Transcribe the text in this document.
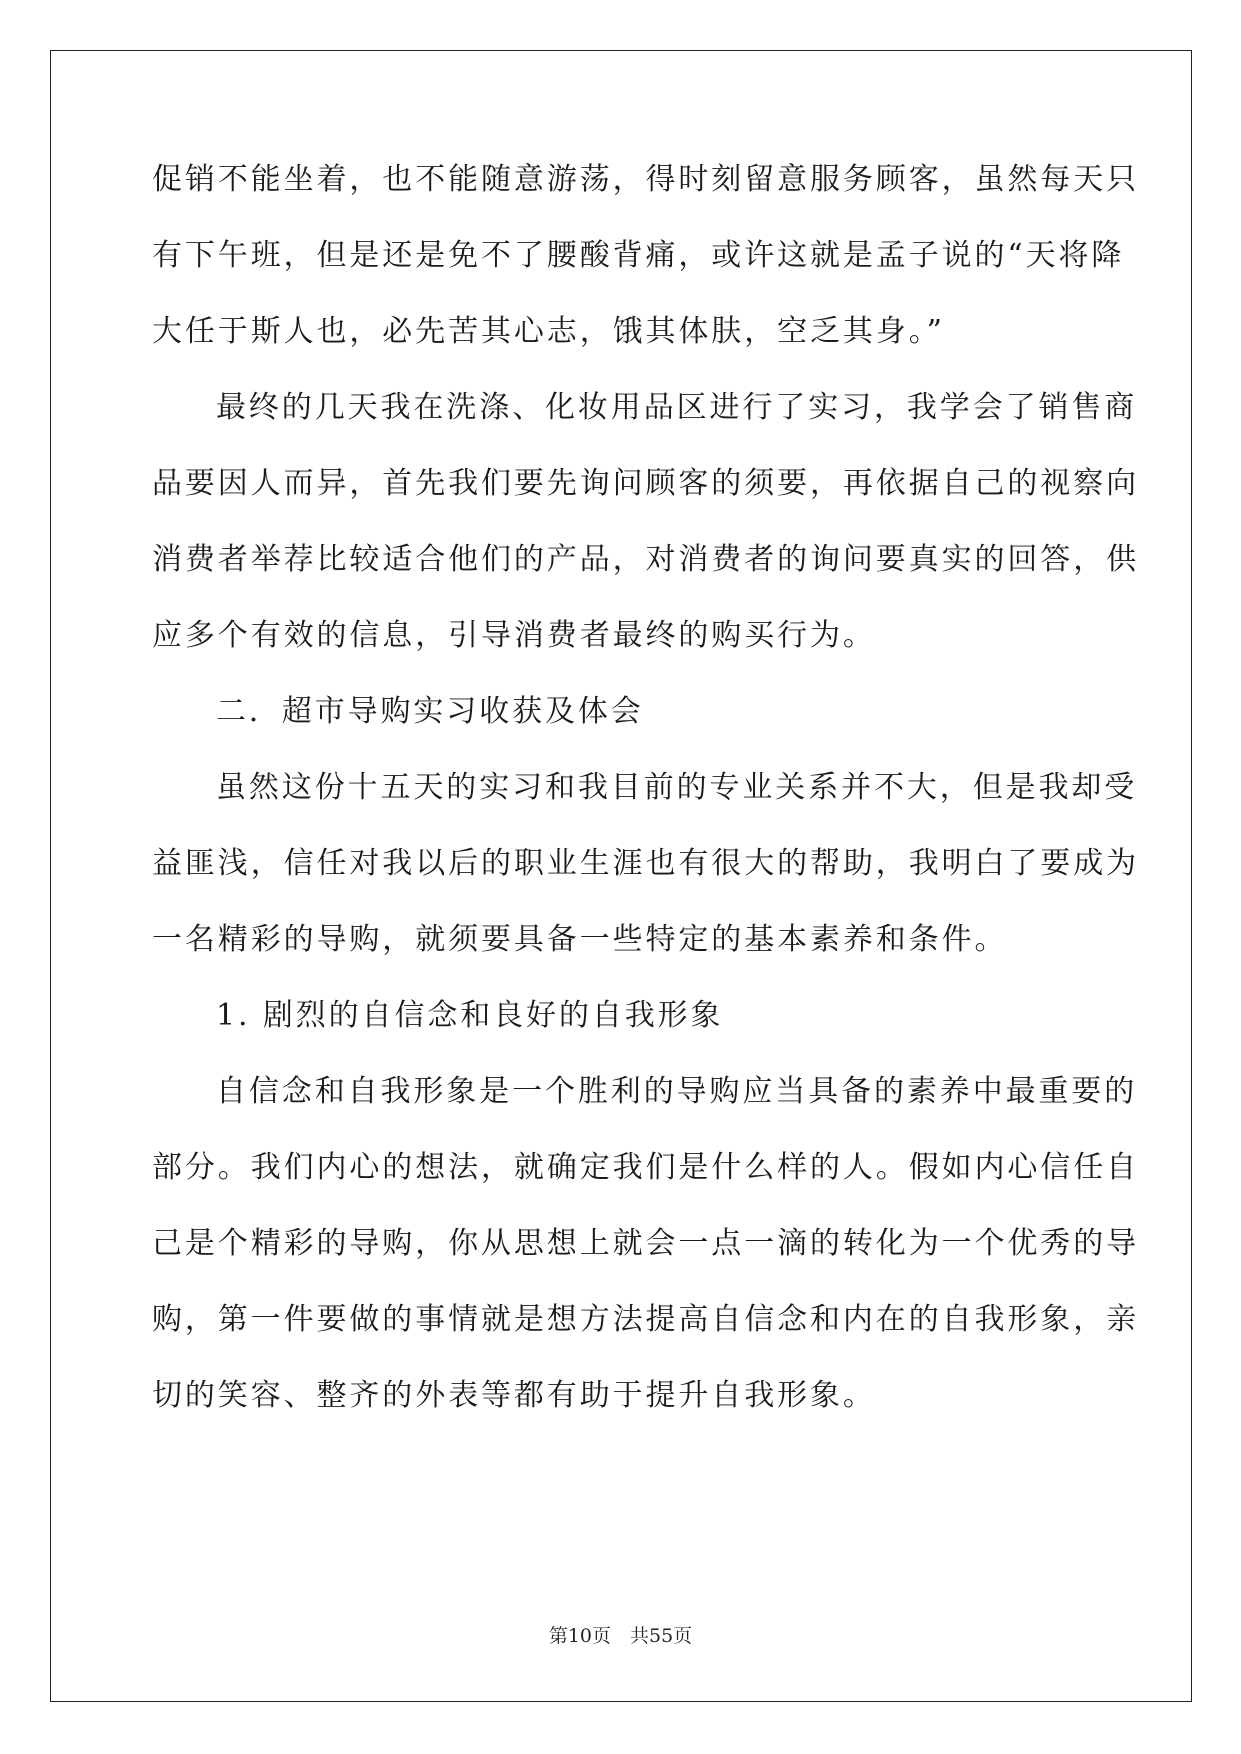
促销不能坐着，也不能随意游荡，得时刻留意服务顾客，虽然每天只
有下午班，但是还是免不了腰酸背痛，或许这就是孟子说的“天将降
大任于斯人也，必先苦其心志，饿其体肤，空乏其身。”
最终的几天我在洗涤、化妆用品区进行了实习，我学会了销售商
品要因人而异，首先我们要先询问顾客的须要，再依据自己的视察向
消费者举荐比较适合他们的产品，对消费者的询问要真实的回答，供
应多个有效的信息，引导消费者最终的购买行为。
二．超市导购实习收获及体会
虽然这份十五天的实习和我目前的专业关系并不大，但是我却受
益匪浅，信任对我以后的职业生涯也有很大的帮助，我明白了要成为
一名精彩的导购，就须要具备一些特定的基本素养和条件。
1. 剧烈的自信念和良好的自我形象
自信念和自我形象是一个胜利的导购应当具备的素养中最重要的
部分。我们内心的想法，就确定我们是什么样的人。假如内心信任自
己是个精彩的导购，你从思想上就会一点一滴的转化为一个优秀的导
购，第一件要做的事情就是想方法提高自信念和内在的自我形象，亲
切的笑容、整齐的外表等都有助于提升自我形象。
第10页　共55页
